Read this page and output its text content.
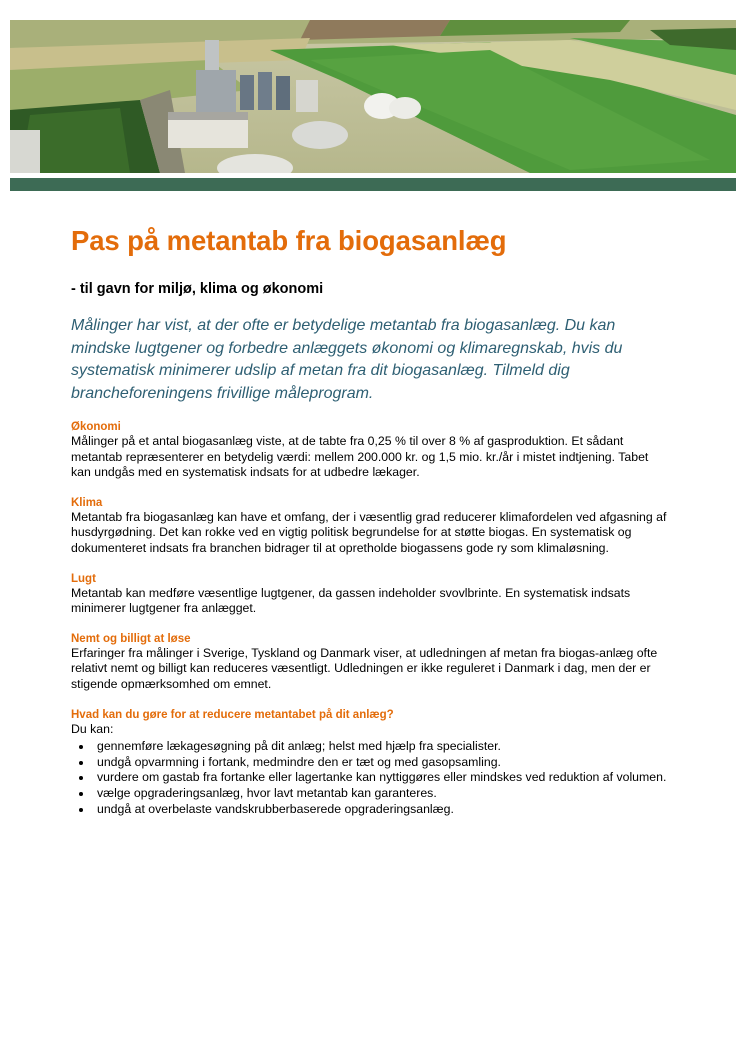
Pas på metantab fra biogasanlæg
- til gavn for miljø, klima og økonomi
Målinger har vist, at der ofte er betydelige metantab fra biogasanlæg. Du kan mindske lugtgener og forbedre anlæggets økonomi og klimaregnskab, hvis du systematisk minimerer udslip af metan fra dit biogasanlæg. Tilmeld dig brancheforeningens frivillige måleprogram.
Økonomi

Målinger på et antal biogasanlæg viste, at de tabte fra 0,25 % til over 8 % af gasproduktion. Et sådant metantab repræsenterer en betydelig værdi: mellem 200.000 kr. og 1,5 mio. kr./år i mistet indtjening. Tabet kan undgås med en systematisk indsats for at udbedre lækager.

Klima

Metantab fra biogasanlæg kan have et omfang, der i væsentlig grad reducerer klimafordelen ved afgasning af husdyrgødning. Det kan rokke ved en vigtig politisk begrundelse for at støtte biogas. En systematisk og dokumenteret indsats fra branchen bidrager til at opretholde biogassens gode ry som klimaløsning.

Lugt

Metantab kan medføre væsentlige lugtgener, da gassen indeholder svovlbrinte. En systematisk indsats minimerer lugtgener fra anlægget.

Nemt og billigt at løse

Erfaringer fra målinger i Sverige, Tyskland og Danmark viser, at udledningen af metan fra biogas-anlæg ofte relativt nemt og billigt kan reduceres væsentligt. Udledningen er ikke reguleret i Danmark i dag, men der er stigende opmærksomhed om emnet.

Hvad kan du gøre for at reducere metantabet på dit anlæg?

Du kan:

• gennemføre lækagesøgning på dit anlæg; helst med hjælp fra specialister.
• undgå opvarmning i fortank, medmindre den er tæt og med gasopsamling.
• vurdere om gastab fra fortanke eller lagertanke kan nyttiggøres eller mindskes ved reduktion af volumen.
• vælge opgraderingsanlæg, hvor lavt metantab kan garanteres.
• undgå at overbelaste vandskrubberbaserede opgraderingsanlæg.
